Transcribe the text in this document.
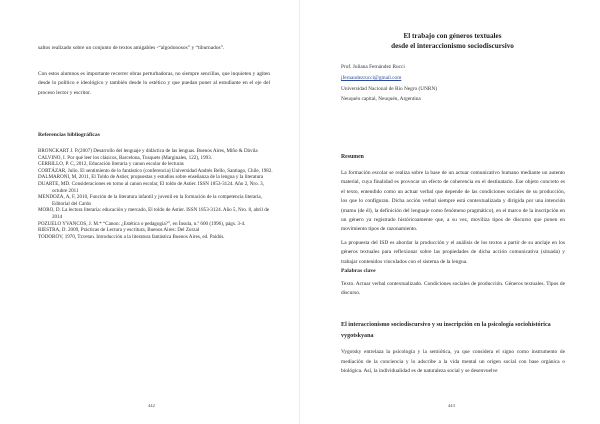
saltos realizado sobre un conjunto de textos amigables -“algodonosos” y “tiburnados”.
Con estos alumnos es importante recorrer obras perturbadoras, no siempre sencillas, que inquieten y agiten desde lo político e ideológico y también desde lo estético y que puedan poner al estudiante en el eje del proceso lector y escritor.
Referencias bibliográficas
BRONCKART J. P.(2007) Desarrollo del lenguaje y didáctica de las lenguas. Buenos Aires, Miño & Dávila
CALVINO, I. Por qué leer los clásicos, Barcelona, Tusquets (Marginales, 122), 1993.
CERRILLO, P. C, 2012, Educación literaria y canon escolar de lecturas
CORTÁZAR, Julio. El sentimiento de lo fantástico (conferencia) Universidad Andrés Bello, Santiago, Chile, 1982.
DALMARONI, M, 2011, El Toldo de Astier, propuestas y estudios sobre enseñanza de la lengua y la literatura
DUARTE, MD. Consideraciones en torno al canon escolar, El toldo de Astier. ISSN 1853-3124. Año 2, Nro. 3, octubre 2011
MENDOZA, A, F, 2010, Función de la literatura infantil y juvenil en la formación de la competencia literaria, Editorial del Cardo
MORO, D. La lectura literaria: educación y mercado, El toldo de Astier. ISSN 1853-3124. Año 5, Nro. 8, abril de 2014
POZUELO YVANCOS, J. M.* “Canon: ¿Estética o pedagogía?”, en Ínsula, n.º 600 (1996), págs. 3-4.
RIESTRA, D. 2009, Prácticas de Lectura y escritura, Buenos Aires: Del Zorzal
TODOROV, 1970, Tzvetan. Introducción a la literatura fantástica Buenos Aires, ed. Paidós.
442
El trabajo con géneros textuales
desde el interaccionismo sociodiscursivo
Prof. Juliana Fernández Rucci
jfernandezrucci@gmail.com
Universidad Nacional de Río Negro (UNRN)
Neuquén capital, Neuquén, Argentina
Resumen

La formación escolar se realiza sobre la base de un actuar comunicativo humano mediante un autento material, cuya finalidad es provocar un efecto de coherencia en el destinatario. Ese objeto concreto es el texto, entendido como un actuar verbal que depende de las condiciones sociales de su producción, los que lo configuran. Dicha acción verbal siempre está contextualizada y dirigida por una intención (mamu (de él), la definición del lenguaje como fenómeno pragmático), en el marco de la inscripción en un género ya registrado histórico​amente que, a su vez, moviliza tipos de discurso que ponen en movimiento tipos de razonamiento.

La propuesta del ISD es abordar la producción y el análisis de los textos a partir de su anclaje en los géneros textuales para reflexionar sobre las propiedades de dicha acción comunicativa (situada) y trabajar contenidos vinculados con el sistema de la lengua.

Palabras clave
Texto. Actuar verbal contextualizado. Condiciones sociales de producción. Géneros textuales. Tipos de discurso.
El interaccionismo sociodiscursivo y su inscripción en la psicología sociohistórica vygotskyana
Vygotsky entrelaza la psicología y la semiótica, ya que considera el signo como instrumento de mediación de la conciencia y lo adscribe a la vida mental un origen social con base orgánica o biológica. Así, la individualidad es de naturaleza social y se desenvuelve
443
